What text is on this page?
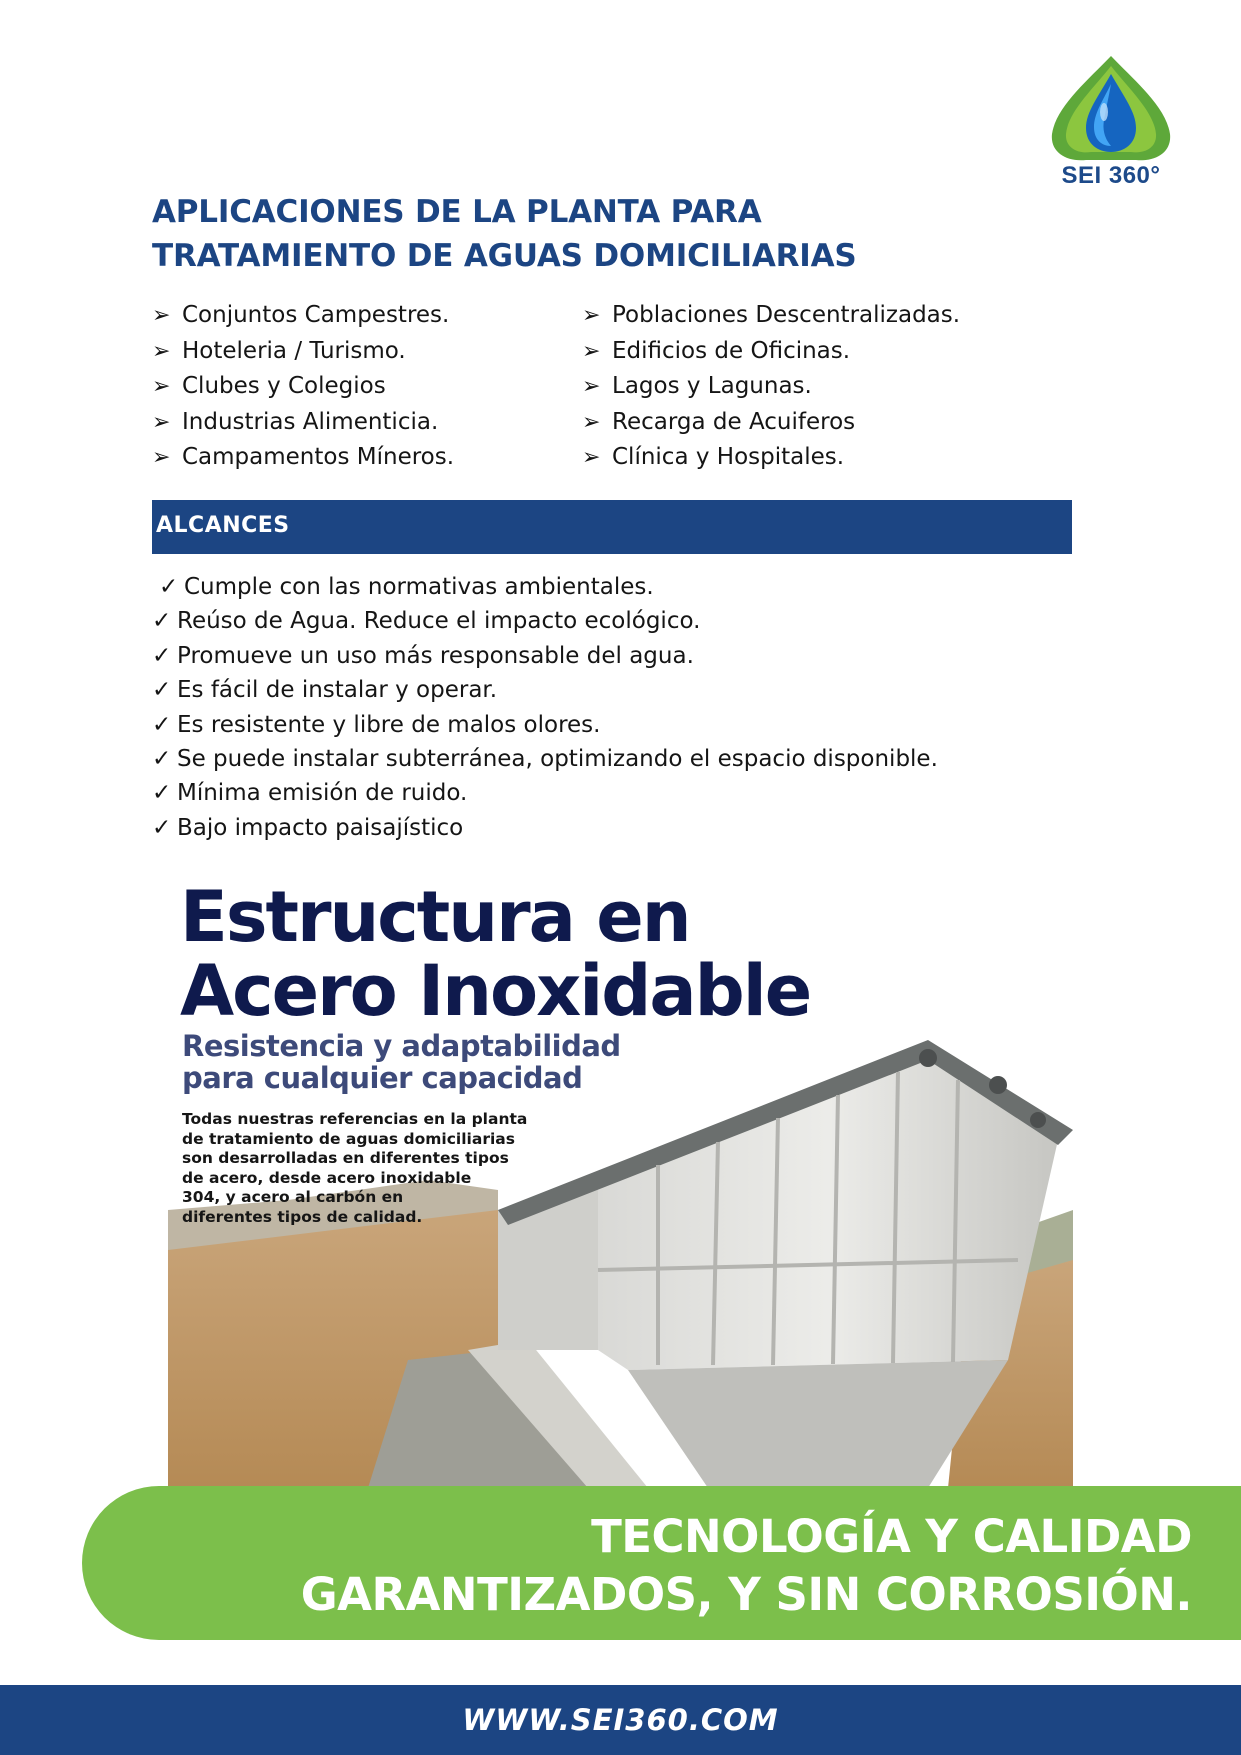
SEI 360°
APLICACIONES DE LA PLANTA PARA
TRATAMIENTO DE AGUAS DOMICILIARIAS
➢ Conjuntos Campestres.
➢ Hoteleria / Turismo.
➢ Clubes y Colegios
➢ Industrias Alimenticia.
➢ Campamentos Míneros.
➢ Poblaciones Descentralizadas.
➢ Edificios de Oficinas.
➢ Lagos y Lagunas.
➢ Recarga de Acuiferos
➢ Clínica y Hospitales.
ALCANCES
✓ Cumple con las normativas ambientales.
✓ Reúso de Agua. Reduce el impacto ecológico.
✓ Promueve un uso más responsable del agua.
✓ Es fácil de instalar y operar.
✓ Es resistente y libre de malos olores.
✓ Se puede instalar subterránea, optimizando el espacio disponible.
✓ Mínima emisión de ruido.
✓ Bajo impacto paisajístico
Estructura en
Acero Inoxidable
Resistencia y adaptabilidad
para cualquier capacidad

Todas nuestras referencias en la planta
de tratamiento de aguas domiciliarias
son desarrolladas en diferentes tipos
de acero, desde acero inoxidable
304, y acero al carbón en
diferentes tipos de calidad.

TECNOLOGÍA Y CALIDAD
GARANTIZADOS, Y SIN CORROSIÓN.

WWW.SEI360.COM
